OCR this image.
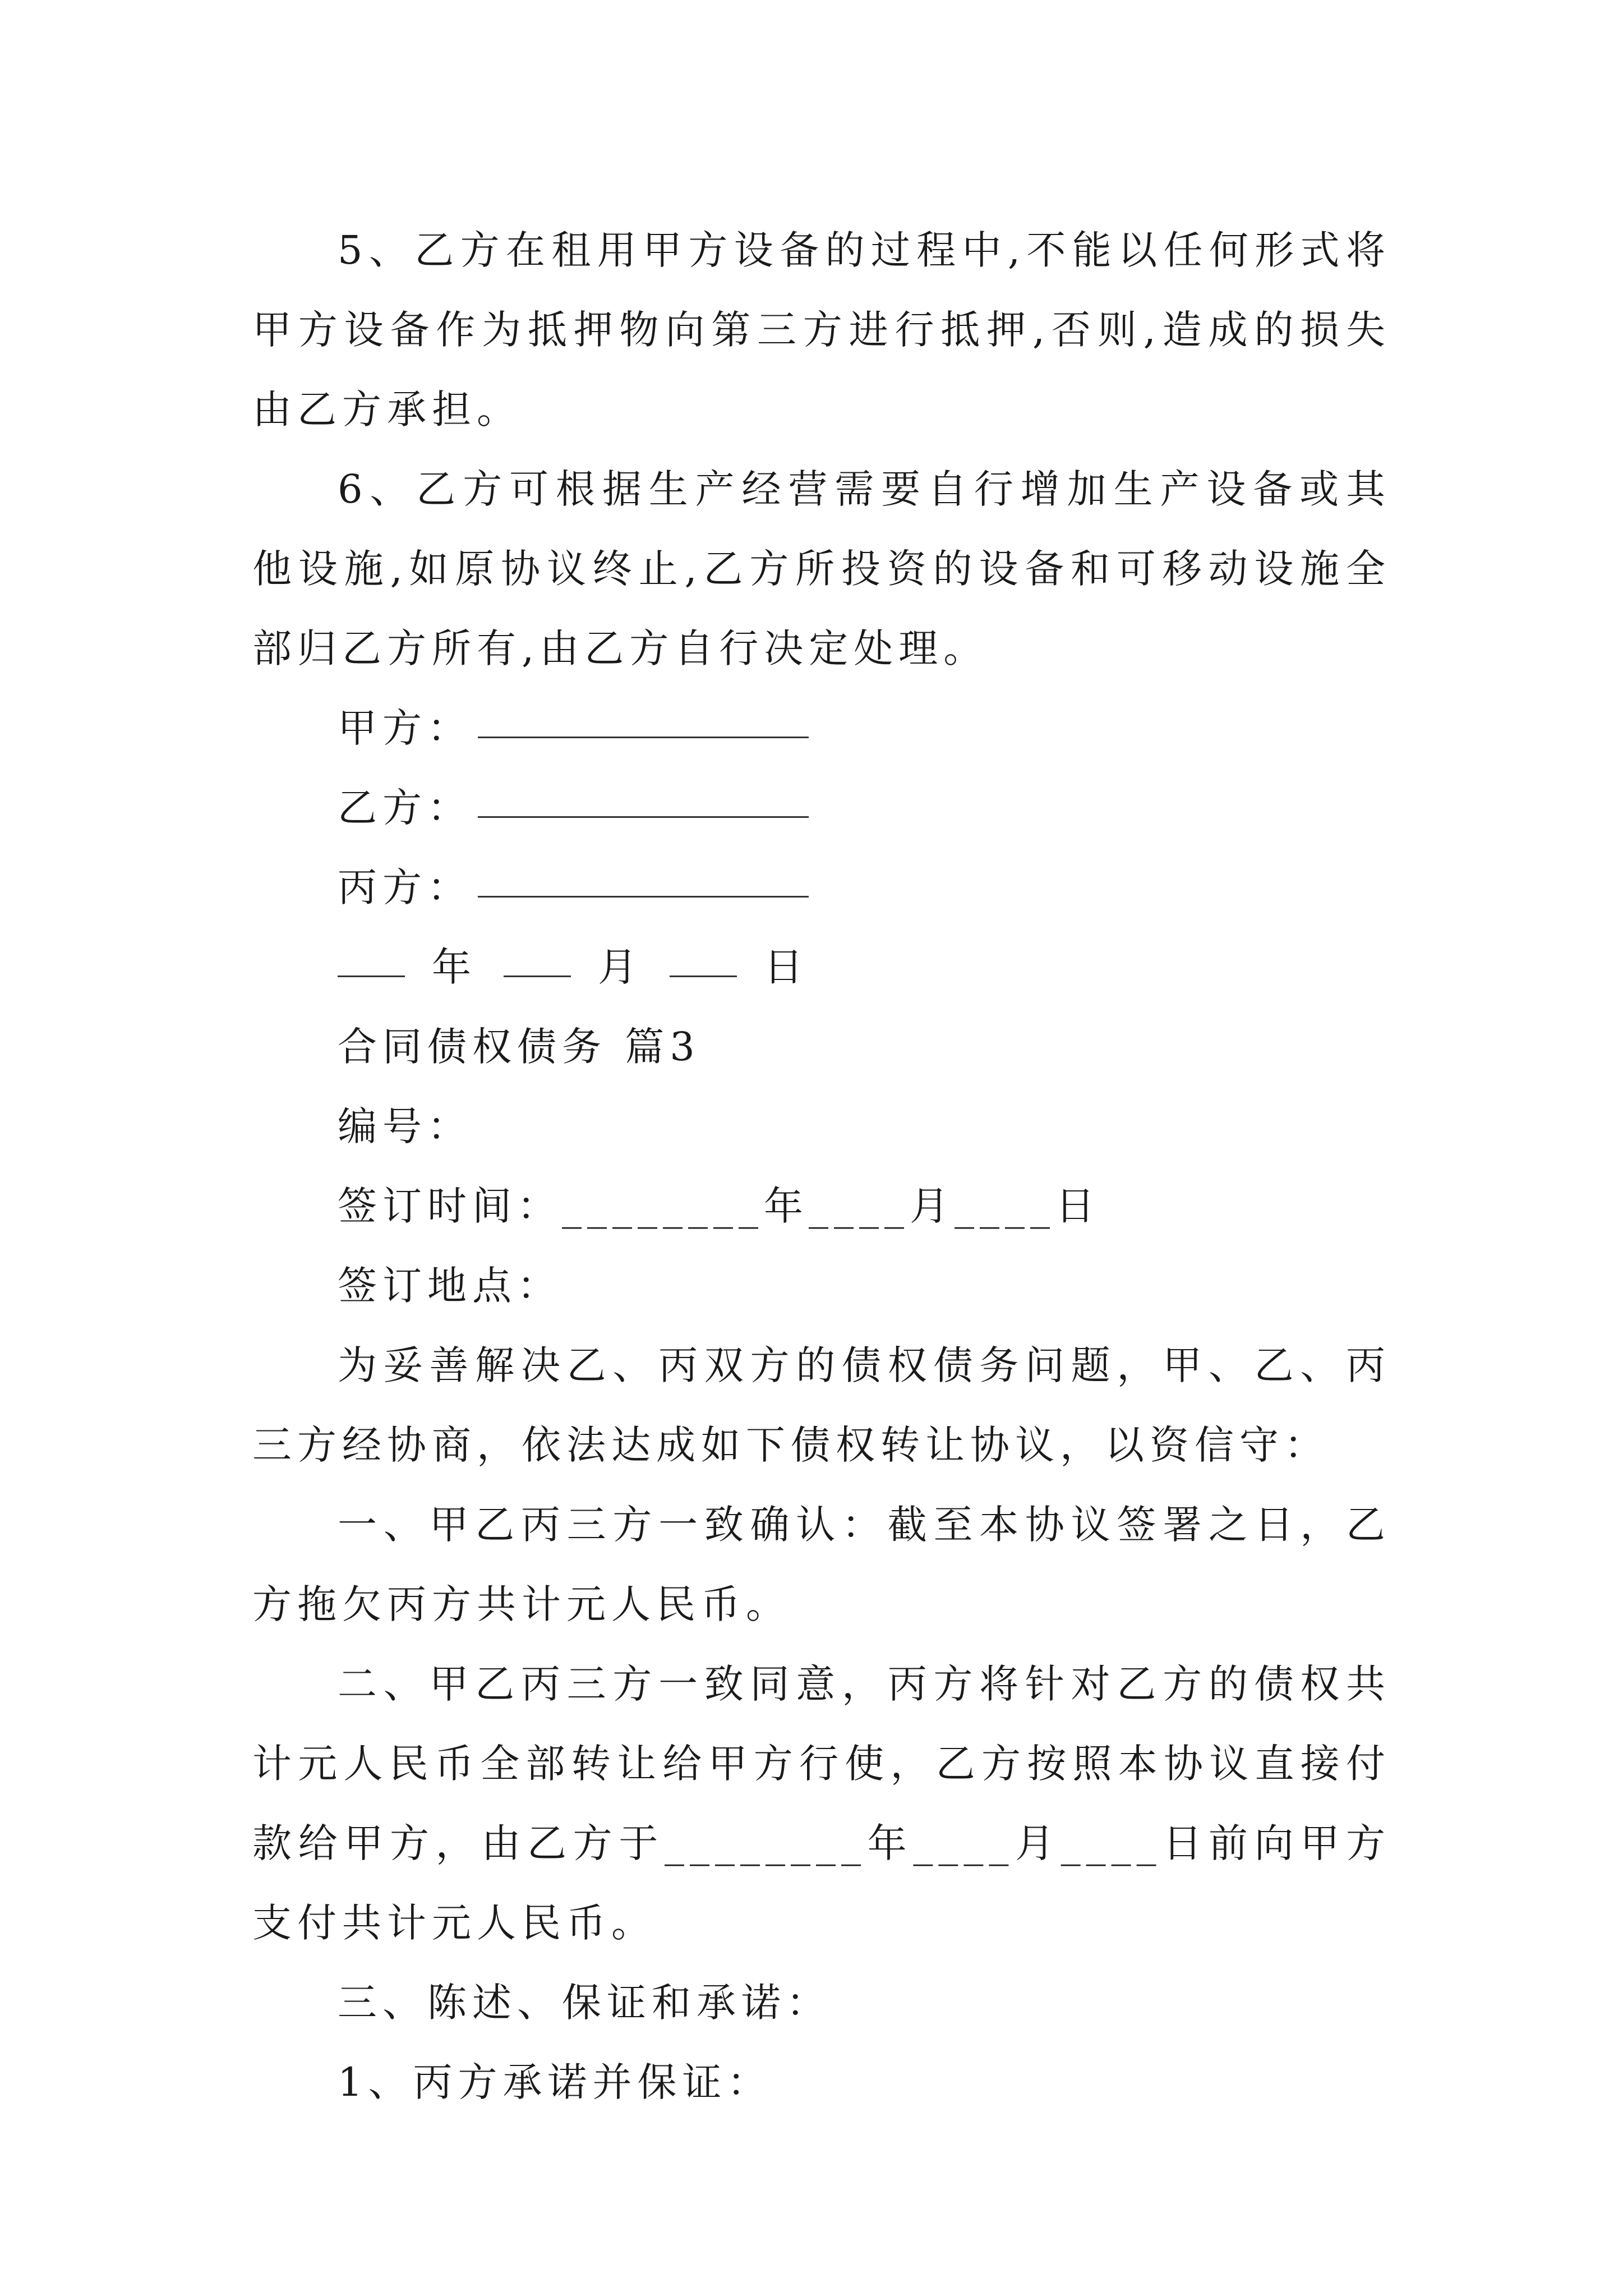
5、乙方在租用甲方设备的过程中,不能以任何形式将甲方设备作为抵押物向第三方进行抵押,否则,造成的损失由乙方承担。

6、乙方可根据生产经营需要自行增加生产设备或其他设施,如原协议终止,乙方所投资的设备和可移动设施全部归乙方所有,由乙方自行决定处理。

甲方：
乙方：
丙方：
年	月	日
合同债权债务 篇3
编号：
签订时间：________年____月____日
签订地点：

为妥善解决乙、丙双方的债权债务问题，甲、乙、丙三方经协商，依法达成如下债权转让协议，以资信守：

一、甲乙丙三方一致确认：截至本协议签署之日，乙方拖欠丙方共计元人民币。

二、甲乙丙三方一致同意，丙方将针对乙方的债权共计元人民币全部转让给甲方行使，乙方按照本协议直接付款给甲方，由乙方于________年____月____日前向甲方支付共计元人民币。

三、陈述、保证和承诺：

1、丙方承诺并保证：
